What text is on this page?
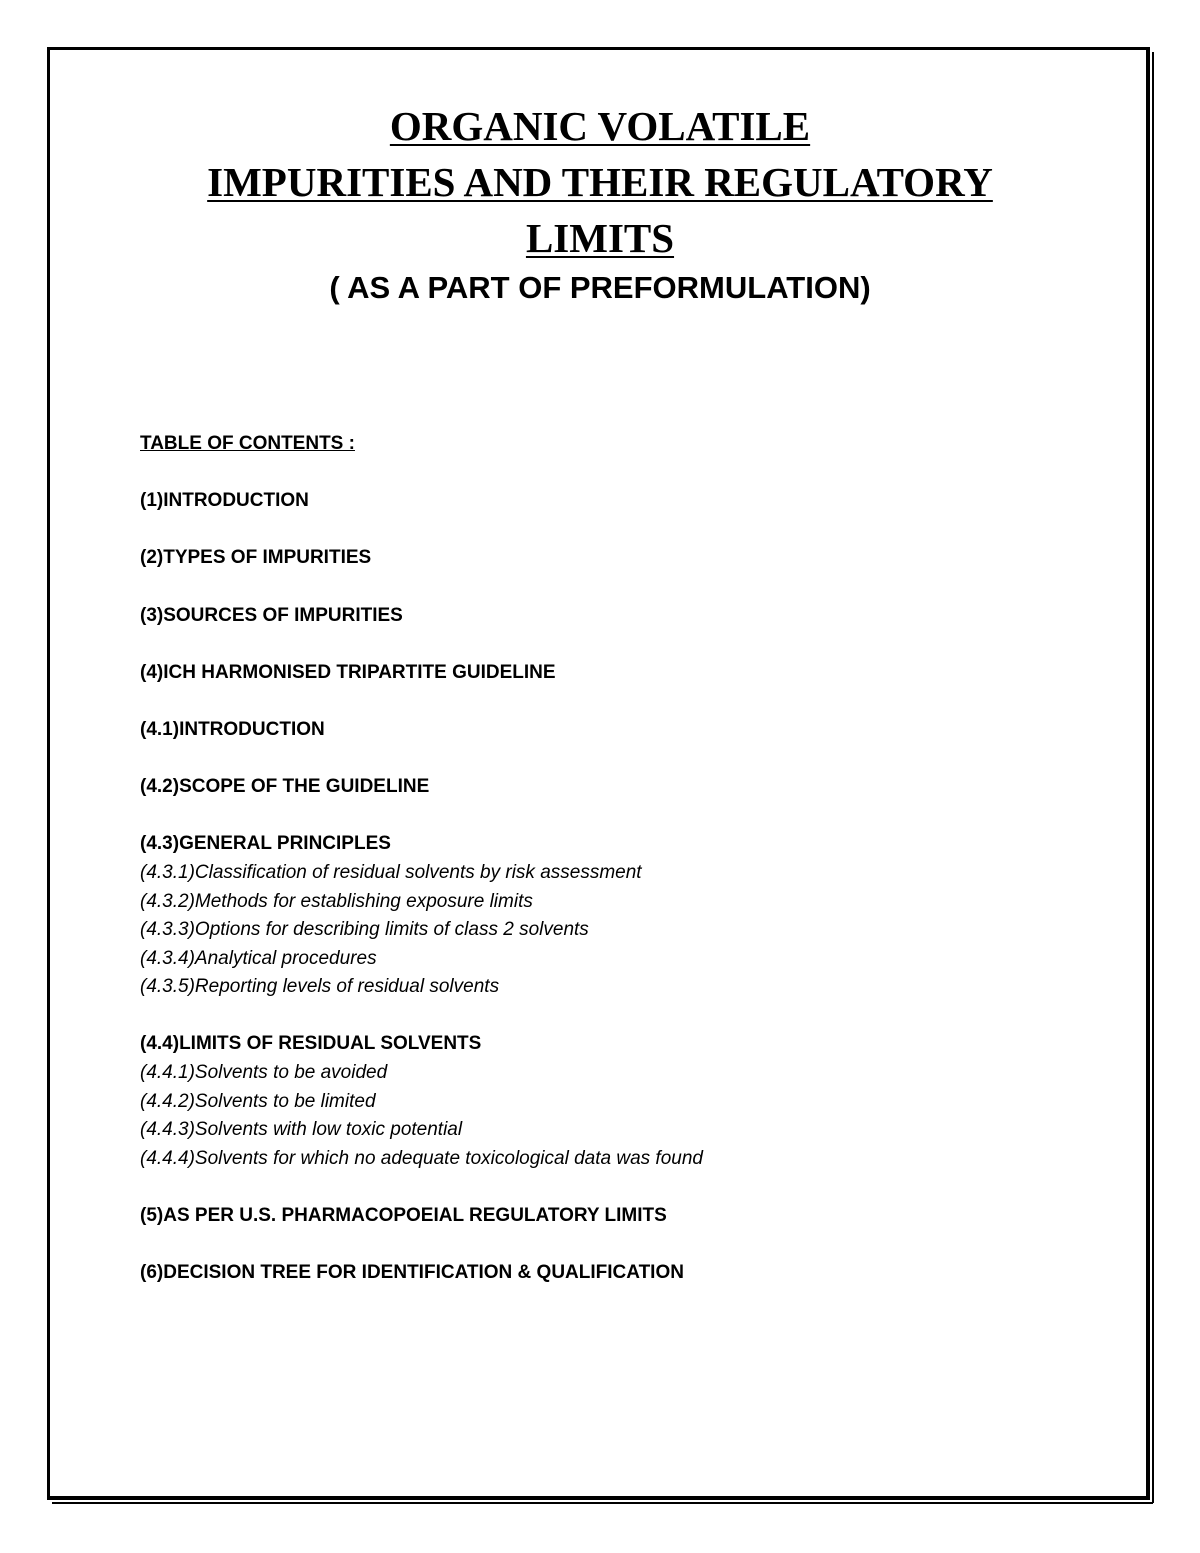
ORGANIC VOLATILE
IMPURITIES AND THEIR REGULATORY
LIMITS
( AS A PART OF PREFORMULATION)
TABLE OF CONTENTS :
(1)INTRODUCTION
(2)TYPES OF IMPURITIES
(3)SOURCES OF IMPURITIES
(4)ICH HARMONISED TRIPARTITE GUIDELINE
(4.1)INTRODUCTION
(4.2)SCOPE OF THE GUIDELINE
(4.3)GENERAL PRINCIPLES
(4.3.1)Classification of residual solvents by risk assessment
(4.3.2)Methods for establishing exposure limits
(4.3.3)Options for describing limits of class 2 solvents
(4.3.4)Analytical procedures
(4.3.5)Reporting levels of residual solvents
(4.4)LIMITS OF RESIDUAL SOLVENTS
(4.4.1)Solvents to be avoided
(4.4.2)Solvents to be limited
(4.4.3)Solvents with low toxic potential
(4.4.4)Solvents for which no adequate toxicological data was found
(5)AS PER U.S. PHARMACOPOEIAL REGULATORY LIMITS
(6)DECISION TREE FOR IDENTIFICATION & QUALIFICATION
